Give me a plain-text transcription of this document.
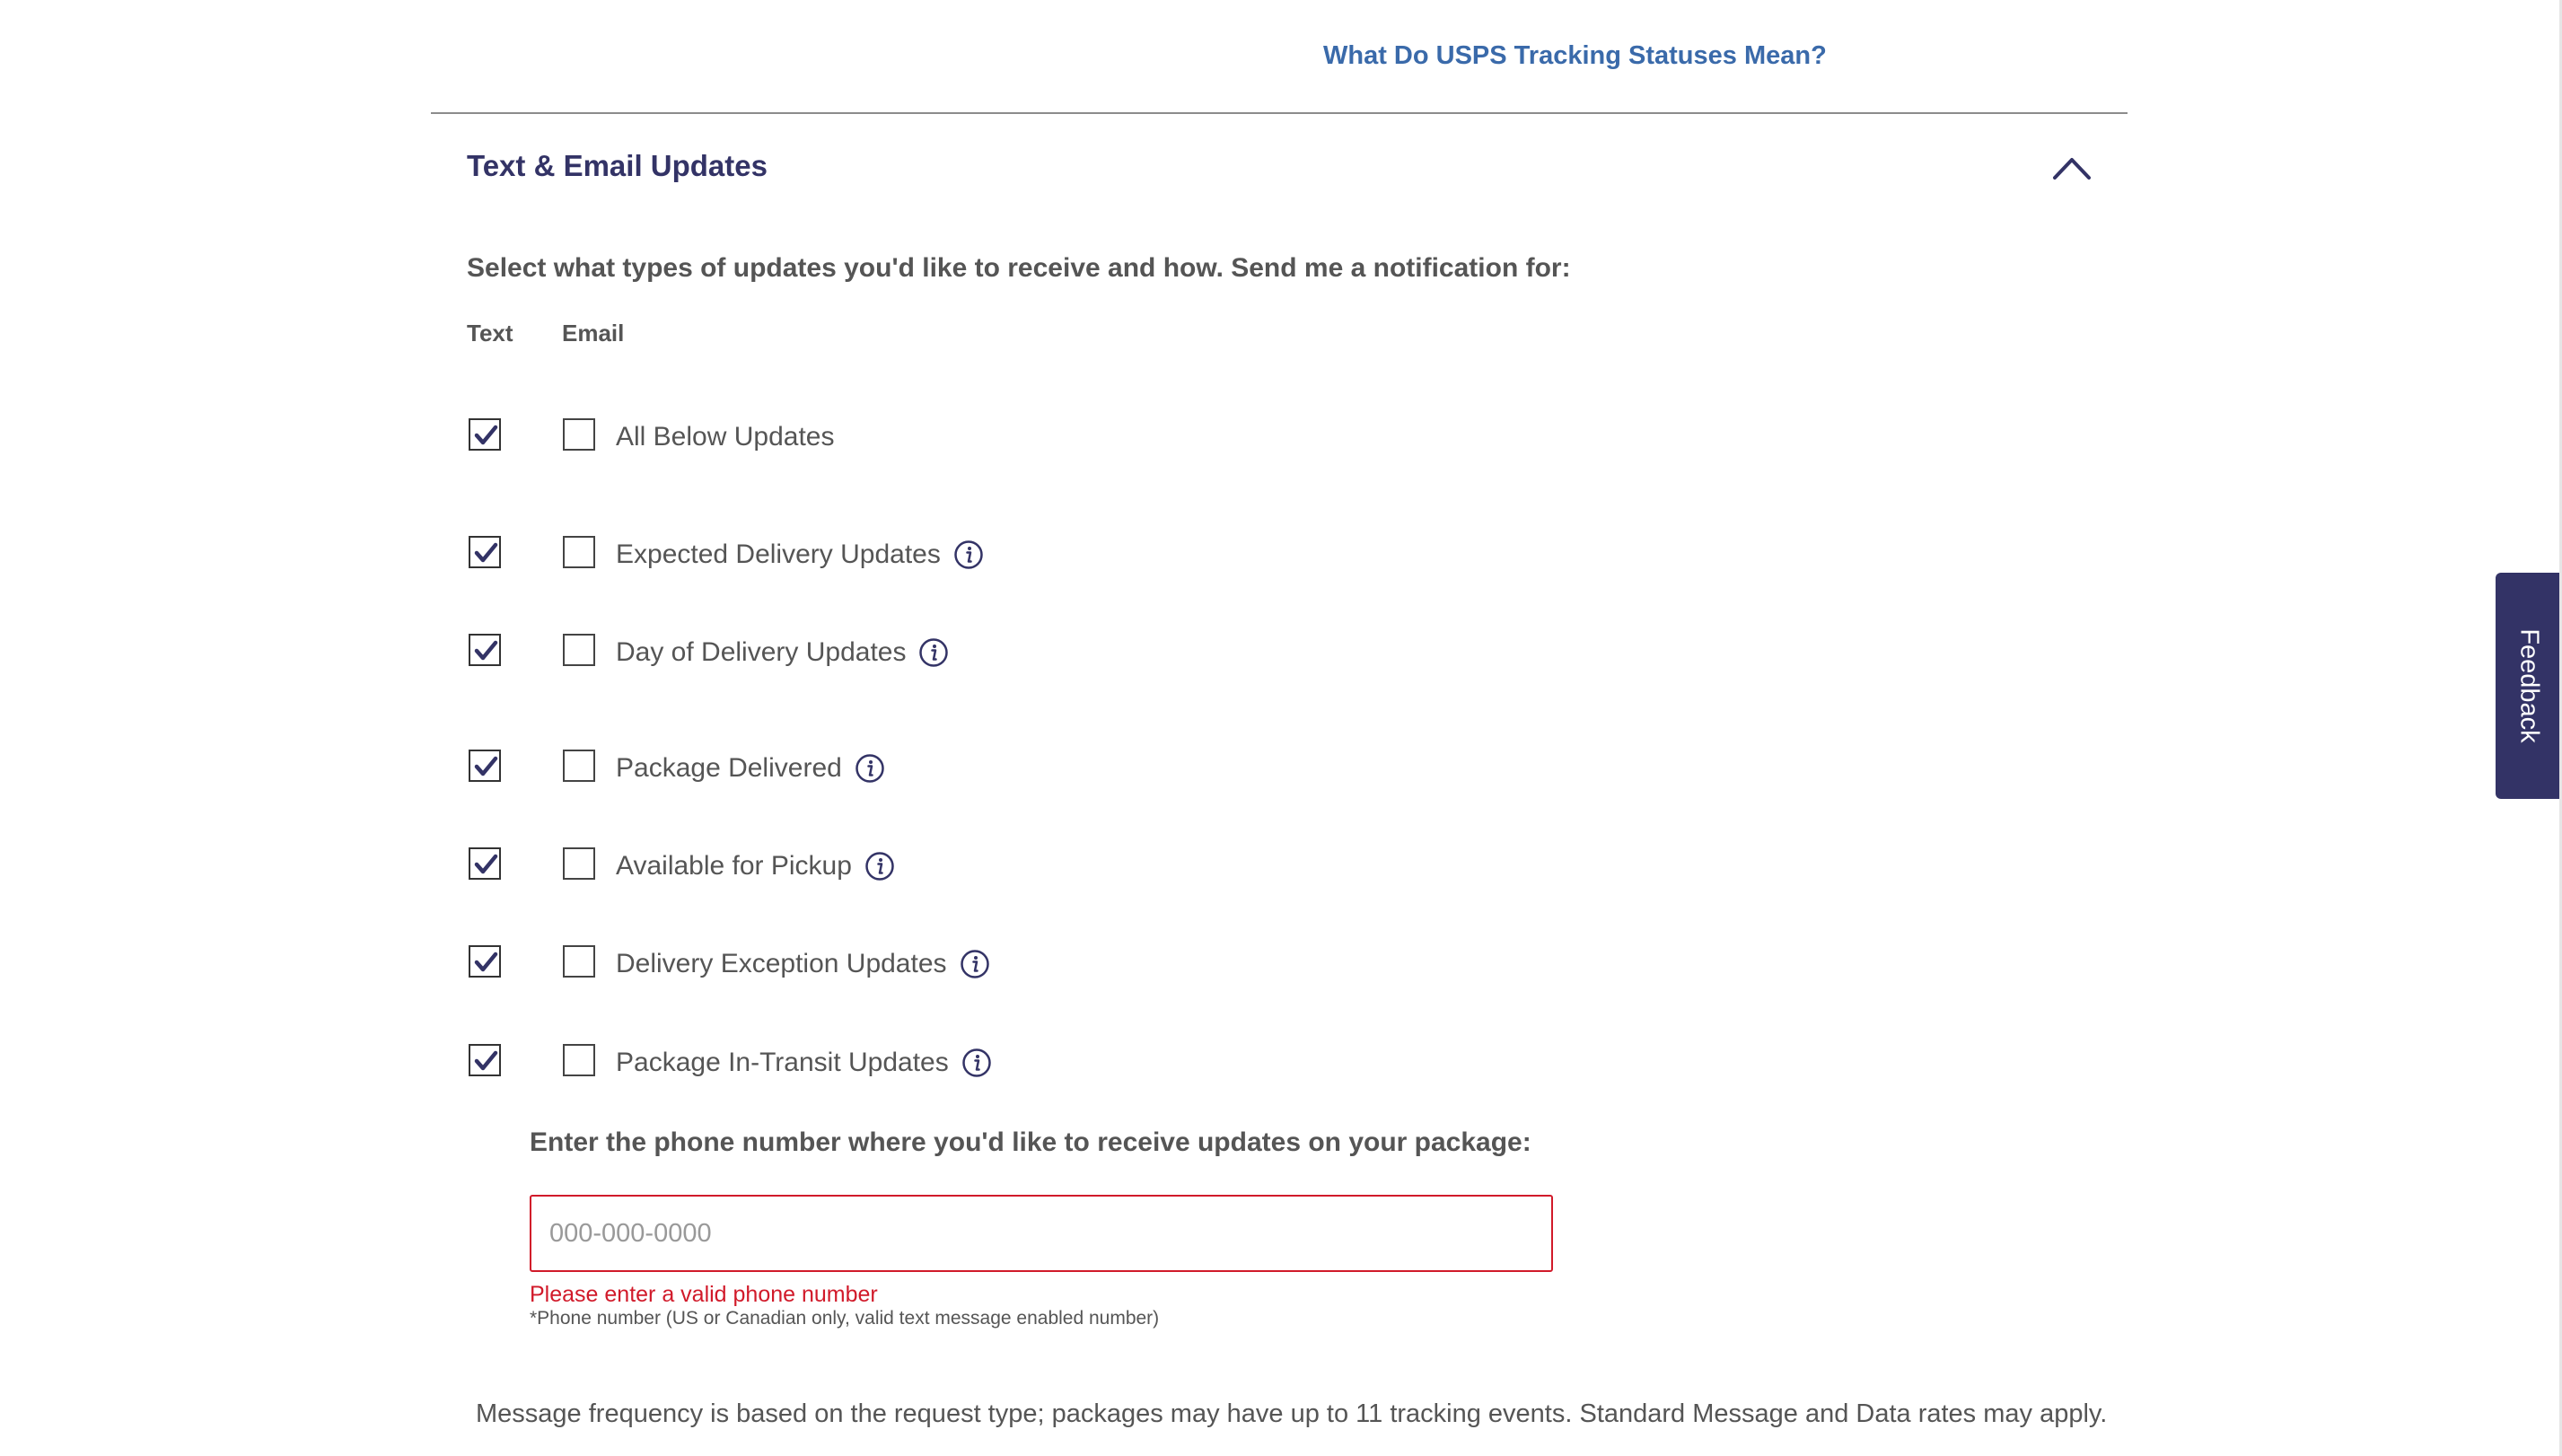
What Do USPS Tracking Statuses Mean?
Text & Email Updates
Select what types of updates you'd like to receive and how. Send me a notification for:
Text Email
All Below Updates
Expected Delivery Updates
Day of Delivery Updates
Package Delivered
Available for Pickup
Delivery Exception Updates
Package In-Transit Updates
Enter the phone number where you'd like to receive updates on your package:
000-000-0000
Please enter a valid phone number
*Phone number (US or Canadian only, valid text message enabled number)
Message frequency is based on the request type; packages may have up to 11 tracking events. Standard Message and Data rates may apply.
Feedback
